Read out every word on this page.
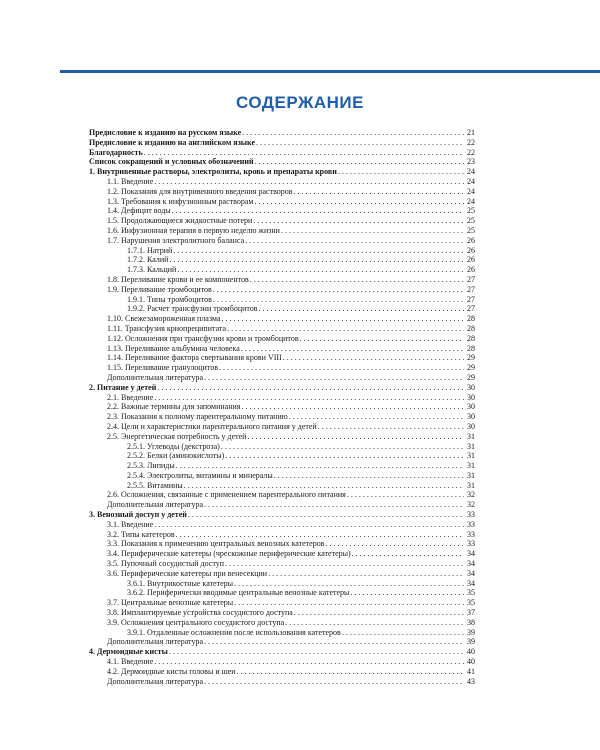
СОДЕРЖАНИЕ
Предисловие к изданию на русском языке . . .	21
Предисловие к изданию на английском языке . . .	22
Благодарность . . .	22
Список сокращений и условных обозначений . . .	23
1. Внутривенные растворы, электролиты, кровь и препараты крови . . .	24
1.1. Введение . . .	24
1.2. Показания для внутривенного введения растворов . . .	24
1.3. Требования к инфузионным растворам . . .	24
1.4. Дефицит воды . . .	25
1.5. Продолжающиеся жидкостные потери . . .	25
1.6. Инфузионная терапия в первую неделю жизни . . .	25
1.7. Нарушения электролитного баланса . . .	26
1.7.1. Натрий . . .	26
1.7.2. Калий . . .	26
1.7.3. Кальций . . .	26
1.8. Переливание крови и ее компонентов . . .	27
1.9. Переливание тромбоцитов . . .	27
1.9.1. Типы тромбоцитов . . .	27
1.9.2. Расчет трансфузии тромбоцитов . . .	27
1.10. Свежезамороженная плазма . . .	28
1.11. Трансфузия криопреципитата . . .	28
1.12. Осложнения при трансфузии крови и тромбоцитов . . .	28
1.13. Переливание альбумина человека . . .	28
1.14. Переливание фактора свертывания крови VIII . . .	29
1.15. Переливание гранулоцитов . . .	29
Дополнительная литература . . .	29
2. Питание у детей . . .	30
2.1. Введение . . .	30
2.2. Важные термины для запоминания . . .	30
2.3. Показания к полному парентеральному питанию . . .	30
2.4. Цели и характеристики парентерального питания у детей . . .	30
2.5. Энергетическая потребность у детей . . .	31
2.5.1. Углеводы (декстроза) . . .	31
2.5.2. Белки (аминокислоты) . . .	31
2.5.3. Липиды . . .	31
2.5.4. Электролиты, витамины и минералы . . .	31
2.5.5. Витамины . . .	31
2.6. Осложнения, связанные с применением парентерального питания . . .	32
Дополнительная литература . . .	32
3. Венозный доступ у детей . . .	33
3.1. Введение . . .	33
3.2. Типы катетеров . . .	33
3.3. Показания к применению центральных венозных катетеров . . .	33
3.4. Периферические катетеры (чрескожные периферические катетеры) . . .	34
3.5. Пупочный сосудистый доступ . . .	34
3.6. Периферические катетеры при венесекции . . .	34
3.6.1. Внутрикостные катетеры . . .	34
3.6.2. Периферически вводимые центральные венозные катетеры . . .	35
3.7. Центральные венозные катетеры . . .	35
3.8. Имплантируемые устройства сосудистого доступа . . .	37
3.9. Осложнения центрального сосудистого доступа . . .	38
3.9.1. Отдаленные осложнения после использования катетеров . . .	39
Дополнительная литература . . .	39
4. Дермоидные кисты . . .	40
4.1. Введение . . .	40
4.2. Дермоидные кисты головы и шеи . . .	41
Дополнительная литература . . .	43
